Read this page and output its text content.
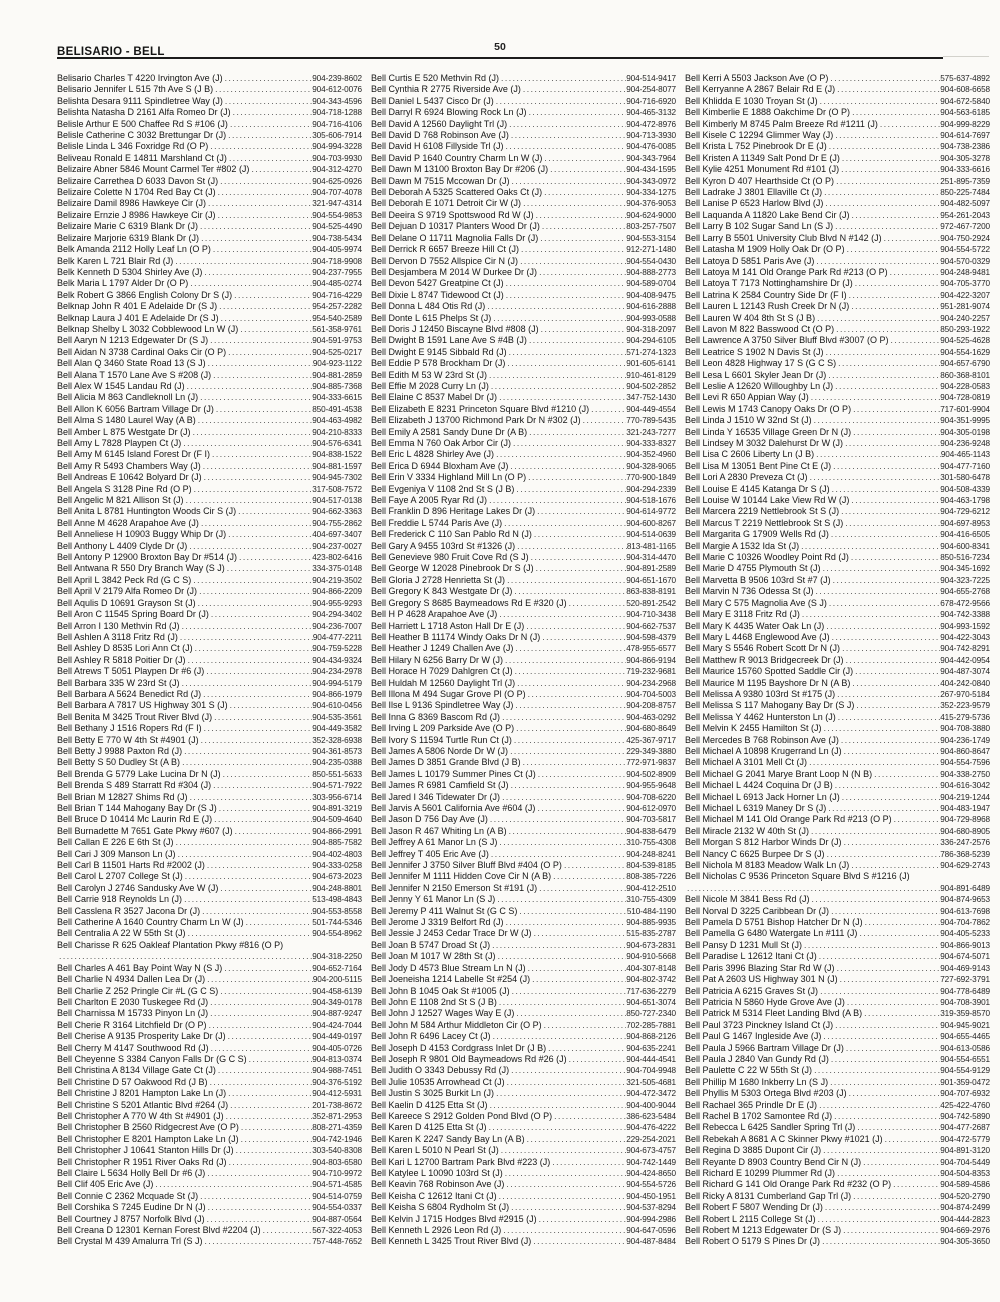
50
BELISARIO - BELL
Belisario Charles T 4220 Irvington Ave (J) .....	904-239-8602
Belisario Jennifer L 515 7th Ave S (J B) .....	904-612-0076
Belishta Desara 9111 Spindletree Way (J) .....	904-343-4596
Belishta Natasha D 2161 Alfa Romeo Dr (J) .....	904-718-1288
Belisle Arthur E 500 Chaffee Rd S #106 (J) .....	904-716-4106
Belisle Catherine C 3032 Brettungar Dr (J) .....	305-606-7914
Belisle Linda L 346 Foxridge Rd (O P) .....	904-994-3228
Beliveau Ronald E 14811 Marshland Ct (J) .....	904-703-9930
Belizaire Abner 5846 Mount Carmel Ter #802 (J) .....	904-312-4270
Belizaire Carrethea D 6033 Davon St (J) .....	904-625-0926
Belizaire Colette N 1704 Red Bay Ct (J) .....	904-707-4078
Belizaire Damil 8986 Hawkeye Cir (J) .....	321-947-4314
Belizaire Ernzie J 8986 Hawkeye Cir (J) .....	904-554-9853
Belizaire Marie C 6319 Blank Dr (J) .....	904-525-4490
Belizaire Marjorie 6319 Blank Dr (J) .....	904-738-5434
Belk Amanda 2112 Holly Leaf Ln (O P) .....	904-405-9974
Belk Karen L 721 Blair Rd (J) .....	904-718-9908
Belk Kenneth D 5304 Shirley Ave (J) .....	904-237-7955
Belk Maria L 1797 Alder Dr (O P) .....	904-485-0274
Belk Robert G 3866 English Colony Dr S (J) .....	904-716-4229
Belknap John R 401 E Adelaide Dr (S J) .....	954-257-2282
Belknap Laura J 401 E Adelaide Dr (S J) .....	954-540-2589
Belknap Shelby L 3032 Cobblewood Ln W (J) .....	561-358-9761
Bell Aaryn N 1213 Edgewater Dr (S J) .....	904-591-9753
Bell Aidan N 3738 Cardinal Oaks Cir (O P) .....	904-525-0217
Bell Alan Q 3460 State Road 13 (S J) .....	904-923-1122
Bell Alana T 1570 Lane Ave S #208 (J) .....	904-881-2859
Bell Alex W 1545 Landau Rd (J) .....	904-885-7368
Bell Alicia M 863 Candleknoll Ln (J) .....	904-333-6615
Bell Allon K 6056 Bartram Village Dr (J) .....	850-491-4538
Bell Alma S 1480 Laurel Way (A B) .....	904-463-4982
Bell Amber L 875 Westgate Dr (J) .....	904-210-8333
Bell Amy L 7828 Playpen Ct (J) .....	904-576-6341
Bell Amy M 6145 Island Forest Dr (F I) .....	904-838-1522
Bell Amy R 5493 Chambers Way (J) .....	904-881-1597
Bell Andreas E 10642 Bolyard Dr (J) .....	904-945-7302
Bell Angela S 3128 Pine Rd (O P) .....	317-508-7572
Bell Angelic M 821 Allison St (J) .....	904-517-0138
Bell Anita L 8781 Huntington Woods Cir S (J) .....	904-662-3363
Bell Anne M 4628 Arapahoe Ave (J) .....	904-755-2862
Bell Anneliese H 10903 Buggy Whip Dr (J) .....	404-697-3407
Bell Anthony L 4409 Clyde Dr (J) .....	904-237-0027
Bell Antony P 12900 Broxton Bay Dr #514 (J) .....	423-802-6416
Bell Antwana R 550 Dry Branch Way (S J) .....	334-375-0148
Bell April L 3842 Peck Rd (G C S) .....	904-219-3502
Bell April V 2179 Alfa Romeo Dr (J) .....	904-866-2209
Bell Aqulis D 10691 Grayson St (J) .....	904-955-9293
Bell Aron C 11545 Spring Board Dr (J) .....	904-294-3402
Bell Arron I 130 Methvin Rd (J) .....	904-236-7007
Bell Ashlen A 3118 Fritz Rd (J) .....	904-477-2211
Bell Ashley D 8535 Lori Ann Ct (J) .....	904-759-5228
Bell Ashley R 5818 Poitier Dr (J) .....	904-434-9324
Bell Atrews T 5051 Playpen Dr #6 (J) .....	904-234-2978
Bell Barbara 335 W 23rd St (J) .....	904-994-5179
Bell Barbara A 5624 Benedict Rd (J) .....	904-866-1979
Bell Barbara A 7817 US Highway 301 S (J) .....	904-610-0456
Bell Benita M 3425 Trout River Blvd (J) .....	904-535-3561
Bell Bethany J 1516 Ropers Rd (F I) .....	904-449-3582
Bell Betty E 770 W 4th St #4901 (J) .....	352-328-6938
Bell Betty J 9988 Paxton Rd (J) .....	904-361-8573
Bell Betty S 50 Dudley St (A B) .....	904-235-0388
Bell Brenda G 5779 Lake Lucina Dr N (J) .....	850-551-5633
Bell Brenda S 489 Starratt Rd #304 (J) .....	904-571-7922
Bell Brian M 12827 Shims Rd (J) .....	303-956-6714
Bell Brian T 144 Mahogany Bay Dr (S J) .....	904-891-3219
Bell Bruce D 10414 Mc Laurin Rd E (J) .....	904-509-4640
Bell Burnadette M 7651 Gate Pkwy #607 (J) .....	904-866-2991
Bell Callan E 226 E 6th St (J) .....	904-885-7582
Bell Cari J 309 Manson Ln (J) .....	904-402-4803
Bell Carl B 11501 Harts Rd #2002 (J) .....	904-333-0258
Bell Carol L 2707 College St (J) .....	904-673-2023
Bell Carolyn J 2746 Sandusky Ave W (J) .....	904-248-8801
Bell Carrie 918 Reynolds Ln (J) .....	513-498-4843
Bell Casslena R 3527 Jacona Dr (J) .....	904-553-8558
Bell Catherine A 1640 Country Charm Ln W (J) .....	501-744-5346
Bell Centralia A 22 W 55th St (J) .....	904-554-8962
Bell Charisse R 625 Oakleaf Plantation Pkwy #816 (O P)
.....
904-318-2250
Bell Charles A 461 Bay Point Way N (S J) .....	904-652-7164
Bell Charlie N 4934 Dallen Lea Dr (J) .....	904-200-5115
Bell Charlie Z 252 Pringle Cir #L (G C S) .....	904-458-6139
Bell Charlton E 2030 Tuskegee Rd (J) .....	904-349-0178
Bell Charnissa M 15733 Pinyon Ln (J) .....	904-887-9247
Bell Cherie R 3164 Litchfield Dr (O P) .....	904-424-7044
Bell Cherise A 9135 Prosperity Lake Dr (J) .....	904-449-0197
Bell Cherry M 4147 Southwood Rd (J) .....	904-405-0726
Bell Cheyenne S 3384 Canyon Falls Dr (G C S) .....	904-813-0374
Bell Christina A 8134 Village Gate Ct (J) .....	904-988-7451
Bell Christine D 57 Oakwood Rd (J B) .....	904-376-5192
Bell Christine J 8201 Hampton Lake Ln (J) .....	904-412-5931
Bell Christine S 5201 Atlantic Blvd #264 (J) .....	201-738-8672
Bell Christopher A 770 W 4th St #4901 (J) .....	352-871-2953
Bell Christopher B 2560 Ridgecrest Ave (O P) .....	808-271-4359
Bell Christopher E 8201 Hampton Lake Ln (J) .....	904-742-1946
Bell Christopher J 10641 Stanton Hills Dr (J) .....	303-540-8308
Bell Christopher R 1951 River Oaks Rd (J) .....	904-803-6580
Bell Claire L 5634 Holly Bell Dr #6 (J) .....	904-710-9972
Bell Clif 405 Eric Ave (J) .....	904-571-4585
Bell Connie C 2362 Mcquade St (J) .....	904-514-0759
Bell Corshika S 7245 Eudine Dr N (J) .....	904-554-0337
Bell Courtney J 8757 Norfolk Blvd (J) .....	904-887-0564
Bell Creana D 12301 Kernan Forest Blvd #2204 (J) .....	567-322-4053
Bell Crystal M 439 Amalurra Trl (S J) .....	757-448-7652
Bell Curtis E 520 Methvin Rd (J) .....	904-514-9417
Bell Cynthia R 2775 Riverside Ave (J) .....	904-254-8077
Bell Daniel L 5437 Cisco Dr (J) .....	904-716-6920
Bell Darryl R 6924 Blowing Rock Ln (J) .....	904-465-3132
Bell David A 12560 Daylight Trl (J) .....	904-472-8976
Bell David D 768 Robinson Ave (J) .....	904-713-3930
Bell David H 6108 Fillyside Trl (J) .....	904-476-0085
Bell David P 1640 Country Charm Ln W (J) .....	904-343-7964
Bell Dawn M 13100 Broxton Bay Dr #206 (J) .....	904-434-1595
Bell Dawn M 7515 Mccowan Dr (J) .....	904-343-0972
Bell Deborah A 5325 Scattered Oaks Ct (J) .....	904-334-1275
Bell Deborah E 1071 Detroit Cir W (J) .....	904-376-9053
Bell Deeira S 9719 Spottswood Rd W (J) .....	904-624-9000
Bell Dejuan D 10317 Planters Wood Dr (J) .....	803-257-7507
Bell Delane O 11711 Magnolia Falls Dr (J) .....	904-553-3154
Bell Derrick R 6657 Breeze Hill Ct (J) .....	912-271-1480
Bell Dervon D 7552 Allspice Cir N (J) .....	904-554-0430
Bell Desjambera M 2014 W Durkee Dr (J) .....	904-888-2773
Bell Devon 5427 Greatpine Ct (J) .....	904-589-0704
Bell Dixie L 8747 Tidewood Ct (J) .....	904-408-9475
Bell Donna L 484 Otis Rd (J) .....	904-616-2888
Bell Donte L 615 Phelps St (J) .....	904-993-0588
Bell Doris J 12450 Biscayne Blvd #808 (J) .....	904-318-2097
Bell Dwight B 1591 Lane Ave S #4B (J) .....	904-294-6105
Bell Dwight E 9145 Sibbald Rd (J) .....	571-274-1323
Bell Eddie P 578 Brockham Dr (J) .....	901-605-6141
Bell Edith M 53 W 23rd St (J) .....	910-461-8129
Bell Effie M 2028 Curry Ln (J) .....	904-502-2852
Bell Elaine C 8537 Mabel Dr (J) .....	347-752-1430
Bell Elizabeth E 8231 Princeton Square Blvd #1210 (J) .....	904-449-4554
Bell Elizabeth J 13700 Richmond Park Dr N #302 (J) .....	770-789-5435
Bell Emily A 2581 Sandy Dune Dr (A B) .....	321-243-7277
Bell Emma N 760 Oak Arbor Cir (J) .....	904-333-8327
Bell Eric L 4828 Shirley Ave (J) .....	904-352-4960
Bell Erica D 6944 Bloxham Ave (J) .....	904-328-9065
Bell Erin V 3334 Highland Mill Ln (O P) .....	770-900-1849
Bell Evgeniya V 1108 2nd St S (J B) .....	904-294-2339
Bell Faye A 2005 Ryar Rd (J) .....	904-518-1676
Bell Franklin D 896 Heritage Lakes Dr (J) .....	904-614-9772
Bell Freddie L 5744 Paris Ave (J) .....	904-600-8267
Bell Frederick C 110 San Pablo Rd N (J) .....	904-514-0639
Bell Gary A 9455 103rd St #1326 (J) .....	813-481-1165
Bell Genevieve 980 Fruit Cove Rd (S J) .....	904-314-4470
Bell George W 12028 Pinebrook Dr S (J) .....	904-891-2589
Bell Gloria J 2728 Henrietta St (J) .....	904-651-1670
Bell Gregory K 843 Westgate Dr (J) .....	863-838-8191
Bell Gregory S 8685 Baymeadows Rd E #320 (J) .....	520-891-2542
Bell H P 4628 Arapahoe Ave (J) .....	904-710-3438
Bell Harriett L 1718 Aston Hall Dr E (J) .....	904-662-7537
Bell Heather B 11174 Windy Oaks Dr N (J) .....	904-598-4379
Bell Heather J 1249 Challen Ave (J) .....	478-955-6577
Bell Hilary N 6256 Barry Dr W (J) .....	904-866-9194
Bell Horace H 7029 Dahlgren Ct (J) .....	719-232-9681
Bell Huldah M 12560 Daylight Trl (J) .....	904-234-2968
Bell Illona M 494 Sugar Grove Pl (O P) .....	904-704-5003
Bell Ilse L 9136 Spindletree Way (J) .....	904-208-8757
Bell Inna G 8369 Bascom Rd (J) .....	904-463-0292
Bell Irving L 209 Parkside Ave (O P) .....	904-680-8649
Bell Ivory S 11594 Turtle Run Ct (J) .....	425-367-9717
Bell James A 5806 Norde Dr W (J) .....	229-349-3880
Bell James D 3851 Grande Blvd (J B) .....	772-971-9837
Bell James L 10179 Summer Pines Ct (J) .....	904-502-8909
Bell James R 6981 Camfield St (J) .....	904-955-9648
Bell Jared I 346 Tidewater Dr (J) .....	904-708-6220
Bell Jarvis A 5601 California Ave #604 (J) .....	904-612-0970
Bell Jason D 756 Day Ave (J) .....	904-703-5817
Bell Jason R 467 Whiting Ln (A B) .....	904-838-6479
Bell Jeffrey A 61 Manor Ln (S J) .....	310-755-4308
Bell Jeffrey T 405 Eric Ave (J) .....	904-248-8241
Bell Jennifer J 3750 Silver Bluff Blvd #404 (O P) .....	804-539-8185
Bell Jennifer M 1111 Hidden Cove Cir N (A B) .....	808-385-7226
Bell Jennifer N 2150 Emerson St #191 (J) .....	904-412-2510
Bell Jenny Y 61 Manor Ln (S J) .....	310-755-4309
Bell Jeremy P 411 Walnut St (G C S) .....	510-484-1190
Bell Jerome J 3319 Belfort Rd (J) .....	904-885-9935
Bell Jessie J 2453 Cedar Trace Dr W (J) .....	515-835-2787
Bell Joan B 5747 Droad St (J) .....	904-673-2831
Bell Joan M 1017 W 28th St (J) .....	904-910-5668
Bell Jody D 4573 Blue Stream Ln N (J) .....	404-307-8148
Bell Joeneisha 1214 Labelle St #254 (J) .....	904-802-3742
Bell John B 1045 Oak St #1005 (J) .....	717-636-2279
Bell John E 1108 2nd St S (J B) .....	904-651-3074
Bell John J 12527 Wages Way E (J) .....	850-727-2340
Bell John M 584 Arthur Middleton Cir (O P) .....	702-285-7881
Bell John R 6496 Lacey Ct (J) .....	904-868-2126
Bell Joseph D 4153 Cordgrass Inlet Dr (J B) .....	904-635-2241
Bell Joseph R 9801 Old Baymeadows Rd #26 (J) .....	904-444-4541
Bell Judith O 3343 Debussy Rd (J) .....	904-704-9948
Bell Julie 10535 Arrowhead Ct (J) .....	321-505-4681
Bell Justin S 3025 Burkit Ln (J) .....	904-472-3472
Bell Kaelin D 4125 Etta St (J) .....	904-400-9044
Bell Kareece S 2912 Golden Pond Blvd (O P) .....	386-623-5484
Bell Karen D 4125 Etta St (J) .....	904-476-4222
Bell Karen K 2247 Sandy Bay Ln (A B) .....	229-254-2021
Bell Karen L 5010 N Pearl St (J) .....	904-673-4757
Bell Kari L 12700 Bartram Park Blvd #223 (J) .....	904-742-1449
Bell Katylee L 10090 103rd St (J) .....	904-424-8650
Bell Keavin 768 Robinson Ave (J) .....	904-554-5726
Bell Keisha C 12612 Itani Ct (J) .....	904-450-1951
Bell Keisha S 6804 Rydholm St (J) .....	904-537-8294
Bell Kelvin J 1715 Hodges Blvd #2915 (J) .....	904-994-2986
Bell Kenneth L 2926 Leon Rd (J) .....	904-647-0596
Bell Kenneth L 3425 Trout River Blvd (J) .....	904-487-8484
Bell Kerri A 5503 Jackson Ave (O P) .....	575-637-4892
Bell Kerryanne A 2867 Belair Rd E (J) .....	904-608-6658
Bell Khlidda E 1030 Troyan St (J) .....	904-672-5840
Bell Kimberlie E 1888 Oakchime Dr (O P) .....	904-563-6185
Bell Kimberly M 8745 Palm Breeze Rd #1211 (J) .....	904-999-8229
Bell Kisele C 12294 Glimmer Way (J) .....	904-614-7697
Bell Krista L 752 Pinebrook Dr E (J) .....	904-738-2386
Bell Kristen A 11349 Salt Pond Dr E (J) .....	904-305-3278
Bell Kylie 4251 Monument Rd #101 (J) .....	904-333-6616
Bell Kyron D 407 Hearthside Ct (O P) .....	251-895-7359
Bell Ladrake J 3801 Ellaville Ct (J) .....	850-225-7484
Bell Lanise P 6523 Harlow Blvd (J) .....	904-482-5097
Bell Laquanda A 11820 Lake Bend Cir (J) .....	954-261-2043
Bell Larry B 102 Sugar Sand Ln (S J) .....	972-467-7200
Bell Larry B 5501 University Club Blvd N #142 (J) .....	904-750-2924
Bell Latasha M 1909 Holly Oak Dr (O P) .....	904-554-5722
Bell Latoya D 5851 Paris Ave (J) .....	904-570-0329
Bell Latoya M 141 Old Orange Park Rd #213 (O P) .....	904-248-9481
Bell Latoya T 7173 Nottinghamshire Dr (J) .....	904-705-3770
Bell Latrina K 2584 Country Side Dr (F I) .....	904-422-3207
Bell Lauren L 12143 Rush Creek Dr N (J) .....	951-281-9074
Bell Lauren W 404 8th St S (J B) .....	904-240-2257
Bell Lavon M 822 Basswood Ct (O P) .....	850-293-1922
Bell Lawrence A 3750 Silver Bluff Blvd #3007 (O P) .....	904-525-4628
Bell Leatrice S 1902 N Davis St (J) .....	904-554-1629
Bell Leon 4828 Highway 17 S (G C S) .....	904-657-6790
Bell Lesa L 6601 Skyler Jean Dr (J) .....	860-368-8101
Bell Leslie A 12620 Willoughby Ln (J) .....	904-228-0583
Bell Levi R 650 Appian Way (J) .....	904-728-0819
Bell Lewis M 1743 Canopy Oaks Dr (O P) .....	717-601-9904
Bell Linda J 1510 W 32nd St (J) .....	904-351-9995
Bell Linda Y 16535 Village Green Dr N (J) .....	904-305-0198
Bell Lindsey M 3032 Dalehurst Dr W (J) .....	904-236-9248
Bell Lisa C 2606 Liberty Ln (J B) .....	904-465-1143
Bell Lisa M 13051 Bent Pine Ct E (J) .....	904-477-7160
Bell Lori A 2830 Preveza Ct (J) .....	301-580-6478
Bell Louise E 4145 Katanga Dr S (J) .....	904-508-4339
Bell Louise W 10144 Lake View Rd W (J) .....	904-463-1798
Bell Marcera 2219 Nettlebrook St S (J) .....	904-729-6212
Bell Marcus T 2219 Nettlebrook St S (J) .....	904-697-8953
Bell Margarita G 17909 Wells Rd (J) .....	904-416-6505
Bell Margie A 1532 Ida St (J) .....	904-600-8341
Bell Marie C 10326 Woodley Point Rd (J) .....	850-516-7234
Bell Marie D 4755 Plymouth St (J) .....	904-345-1692
Bell Marvetta B 9506 103rd St #7 (J) .....	904-323-7225
Bell Marvin N 736 Odessa St (J) .....	904-655-2768
Bell Mary C 575 Magnolia Ave (S J) .....	678-472-9566
Bell Mary E 3118 Fritz Rd (J) .....	904-742-3388
Bell Mary K 4435 Water Oak Ln (J) .....	904-993-1592
Bell Mary L 4468 Englewood Ave (J) .....	904-422-3043
Bell Mary S 5546 Robert Scott Dr N (J) .....	904-742-8291
Bell Matthew R 9013 Bridgecreek Dr (J) .....	904-442-0954
Bell Maurice 15760 Spotted Saddle Cir (J) .....	904-487-3074
Bell Maurice M 1195 Bayshore Dr N (A B) .....	404-242-0840
Bell Melissa A 9380 103rd St #175 (J) .....	267-970-5184
Bell Melissa S 117 Mahogany Bay Dr (S J) .....	352-223-9579
Bell Melissa Y 4462 Hunterston Ln (J) .....	415-279-5736
Bell Melvin K 2455 Hamilton St (J) .....	904-708-3880
Bell Mercedes B 768 Robinson Ave (J) .....	904-236-1749
Bell Michael A 10898 Krugerrand Ln (J) .....	904-860-8647
Bell Michael A 3101 Mell Ct (J) .....	904-554-7596
Bell Michael G 2041 Marye Brant Loop N (N B) .....	904-338-2750
Bell Michael L 4424 Coquina Dr (J B) .....	904-616-3042
Bell Michael L 6913 Jack Horner Ln (J) .....	904-219-1244
Bell Michael L 6319 Maney Dr S (J) .....	904-483-1947
Bell Michael M 141 Old Orange Park Rd #213 (O P) .....	904-729-8968
Bell Miracle 2132 W 40th St (J) .....	904-680-8905
Bell Morgan S 812 Harbor Winds Dr (J) .....	336-247-2576
Bell Nancy C 6625 Burpee Dr S (J) .....	786-368-5239
Bell Nichola M 8183 Meadow Walk Ln (J) .....	904-629-2743
Bell Nicholas C 9536 Princeton Square Blvd S #1216 (J)
.....
904-891-6489
Bell Nicole M 3841 Bess Rd (J) .....	904-874-9653
Bell Norval D 3225 Caribbean Dr (J) .....	904-613-7698
Bell Pamela D 5751 Bishop Hatcher Dr N (J) .....	904-704-7862
Bell Pamella G 6480 Watergate Ln #111 (J) .....	904-405-5233
Bell Pansy D 1231 Mull St (J) .....	904-866-9013
Bell Paradise L 12612 Itani Ct (J) .....	904-674-5071
Bell Paris 3996 Blazing Star Rd W (J) .....	904-469-9143
Bell Pat A 2603 US Highway 301 N (J) .....	727-692-3791
Bell Patricia A 6215 Graves St (J) .....	904-778-6489
Bell Patricia N 5860 Hyde Grove Ave (J) .....	904-708-3901
Bell Patrick M 5314 Fleet Landing Blvd (A B) .....	319-359-8570
Bell Paul 3723 Pinckney Island Ct (J) .....	904-945-9021
Bell Paul G 1467 Ingleside Ave (J) .....	904-655-4465
Bell Paula J 5966 Bartram Village Dr (J) .....	904-613-0586
Bell Paula J 2840 Van Gundy Rd (J) .....	904-554-6551
Bell Paulette C 22 W 55th St (J) .....	904-554-9129
Bell Phillip M 1680 Inkberry Ln (S J) .....	901-359-0472
Bell Phyllis M 5303 Ortega Blvd #203 (J) .....	904-707-6932
Bell Rachael 365 Prindle Dr E (J) .....	425-422-4760
Bell Rachel B 1702 Samontee Rd (J) .....	904-742-5890
Bell Rebecca L 6425 Sandler Spring Trl (J) .....	904-477-2687
Bell Rebekah A 8681 A C Skinner Pkwy #1021 (J) .....	904-472-5779
Bell Regina D 3885 Dupont Cir (J) .....	904-891-3120
Bell Reyante D 8903 Country Bend Cir N (J) .....	904-704-5449
Bell Richard E 10299 Plummer Rd (J) .....	904-504-8353
Bell Richard G 141 Old Orange Park Rd #232 (O P) .....	904-589-4586
Bell Ricky A 8131 Cumberland Gap Trl (J) .....	904-520-2790
Bell Robert F 5807 Wending Dr (J) .....	904-874-2499
Bell Robert L 2115 College St (J) .....	904-444-2823
Bell Robert M 1213 Edgewater Dr (S J) .....	904-669-2976
Bell Robert O 5179 S Pines Dr (J) .....	904-305-3650
